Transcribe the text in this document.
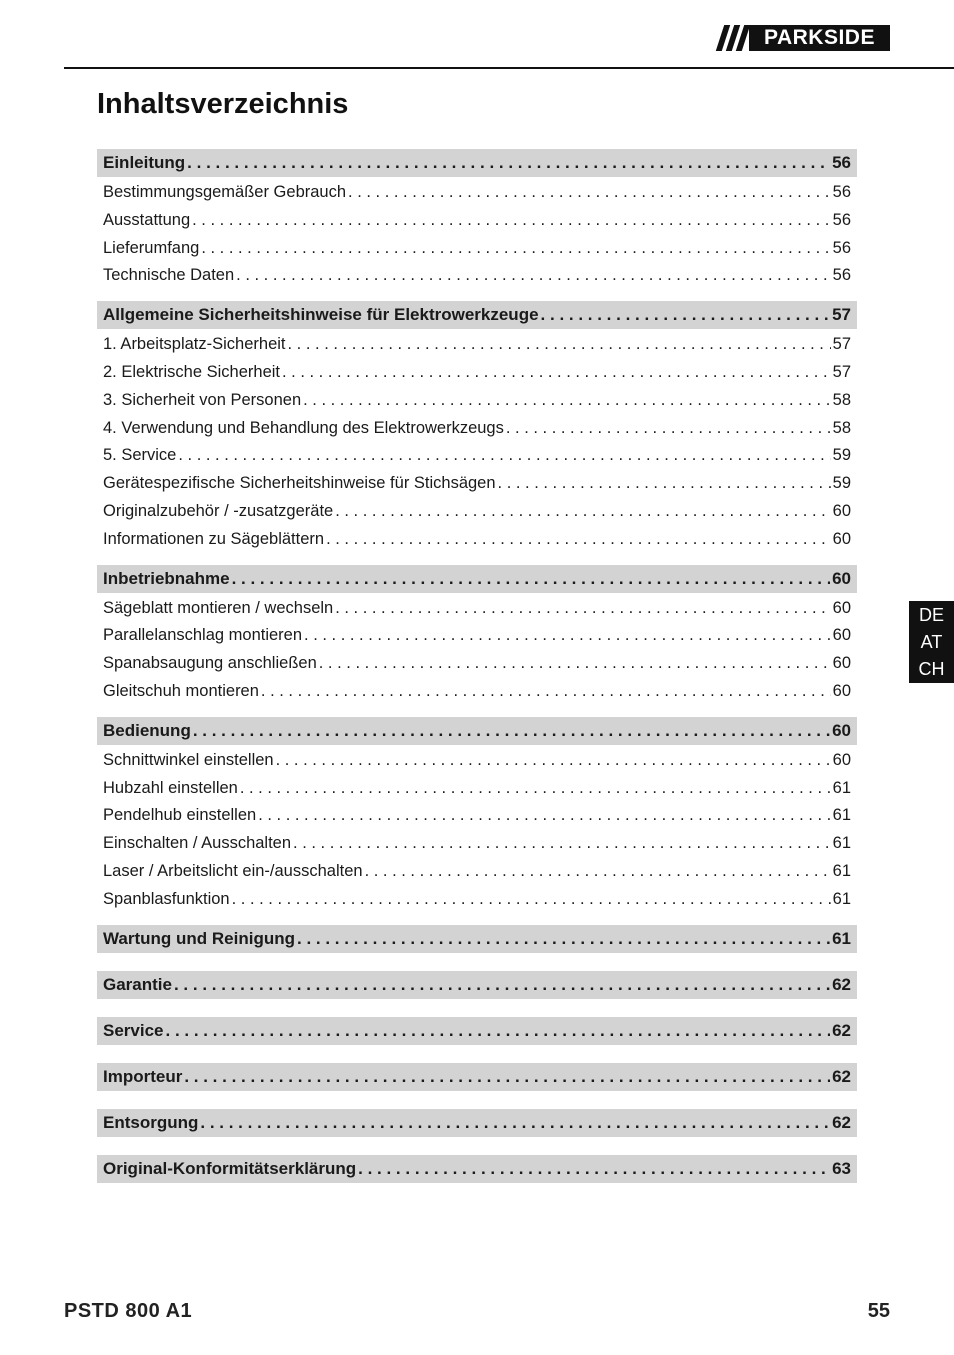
PARKSIDE
Inhaltsverzeichnis
Einleitung . . .	56
Bestimmungsgemäßer Gebrauch . . .	56
Ausstattung . . .	56
Lieferumfang . . .	56
Technische Daten . . .	56
Allgemeine Sicherheitshinweise für Elektrowerkzeuge . . .	57
1. Arbeitsplatz-Sicherheit . . .	57
2. Elektrische Sicherheit . . .	57
3. Sicherheit von Personen . . .	58
4. Verwendung und Behandlung des Elektrowerkzeugs . . .	58
5. Service . . .	59
Gerätespezifische Sicherheitshinweise für Stichsägen . . .	59
Originalzubehör / -zusatzgeräte . . .	60
Informationen zu Sägeblättern . . .	60
Inbetriebnahme . . .	60
Sägeblatt montieren / wechseln . . .	60
Parallelanschlag montieren . . .	60
Spanabsaugung anschließen . . .	60
Gleitschuh montieren . . .	60
Bedienung . . .	60
Schnittwinkel einstellen . . .	60
Hubzahl einstellen . . .	61
Pendelhub einstellen . . .	61
Einschalten / Ausschalten . . .	61
Laser / Arbeitslicht ein-/ausschalten . . .	61
Spanblasfunktion . . .	61
Wartung und Reinigung . . .	61
Garantie . . .	62
Service . . .	62
Importeur . . .	62
Entsorgung . . .	62
Original-Konformitätserklärung . . .	63
DE
AT
CH
PSTD 800 A1	55
